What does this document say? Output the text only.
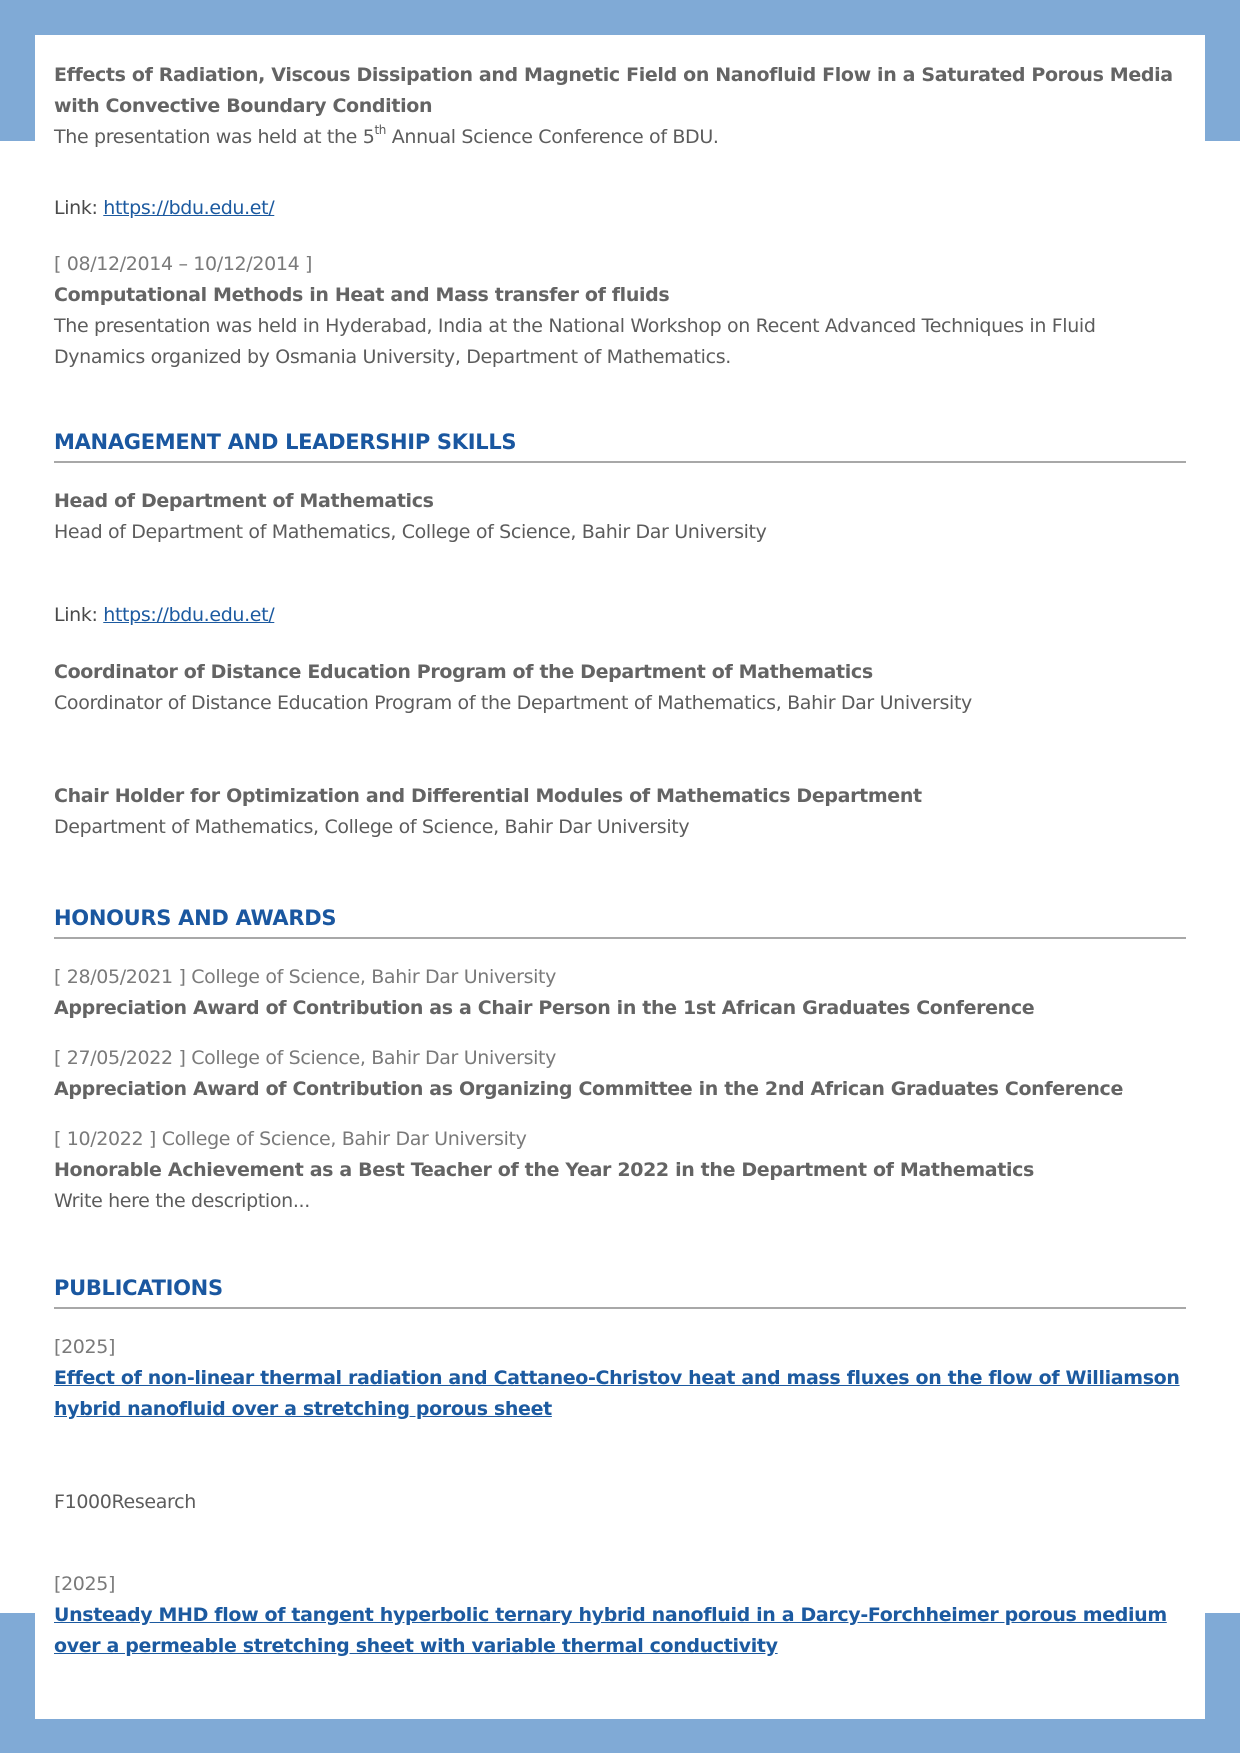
Effects of Radiation, Viscous Dissipation and Magnetic Field on Nanofluid Flow in a Saturated Porous Media with Convective Boundary Condition
The presentation was held at the 5th Annual Science Conference of BDU.
Link: https://bdu.edu.et/
[ 08/12/2014 – 10/12/2014 ]
Computational Methods in Heat and Mass transfer of fluids
The presentation was held in Hyderabad, India at the National Workshop on Recent Advanced Techniques in Fluid Dynamics organized by Osmania University, Department of Mathematics.
MANAGEMENT AND LEADERSHIP SKILLS
Head of Department of Mathematics
Head of Department of Mathematics, College of Science, Bahir Dar University
Link: https://bdu.edu.et/
Coordinator of Distance Education Program of the Department of Mathematics
Coordinator of Distance Education Program of the Department of Mathematics, Bahir Dar University
Chair Holder for Optimization and Differential Modules of Mathematics Department
Department of Mathematics, College of Science, Bahir Dar University
HONOURS AND AWARDS
[ 28/05/2021 ] College of Science, Bahir Dar University
Appreciation Award of Contribution as a Chair Person in the 1st African Graduates Conference
[ 27/05/2022 ] College of Science, Bahir Dar University
Appreciation Award of Contribution as Organizing Committee in the 2nd African Graduates Conference
[ 10/2022 ] College of Science, Bahir Dar University
Honorable Achievement as a Best Teacher of the Year 2022 in the Department of Mathematics
Write here the description...
PUBLICATIONS
[2025]
Effect of non-linear thermal radiation and Cattaneo-Christov heat and mass fluxes on the flow of Williamson hybrid nanofluid over a stretching porous sheet
F1000Research
[2025]
Unsteady MHD flow of tangent hyperbolic ternary hybrid nanofluid in a Darcy-Forchheimer porous medium over a permeable stretching sheet with variable thermal conductivity
